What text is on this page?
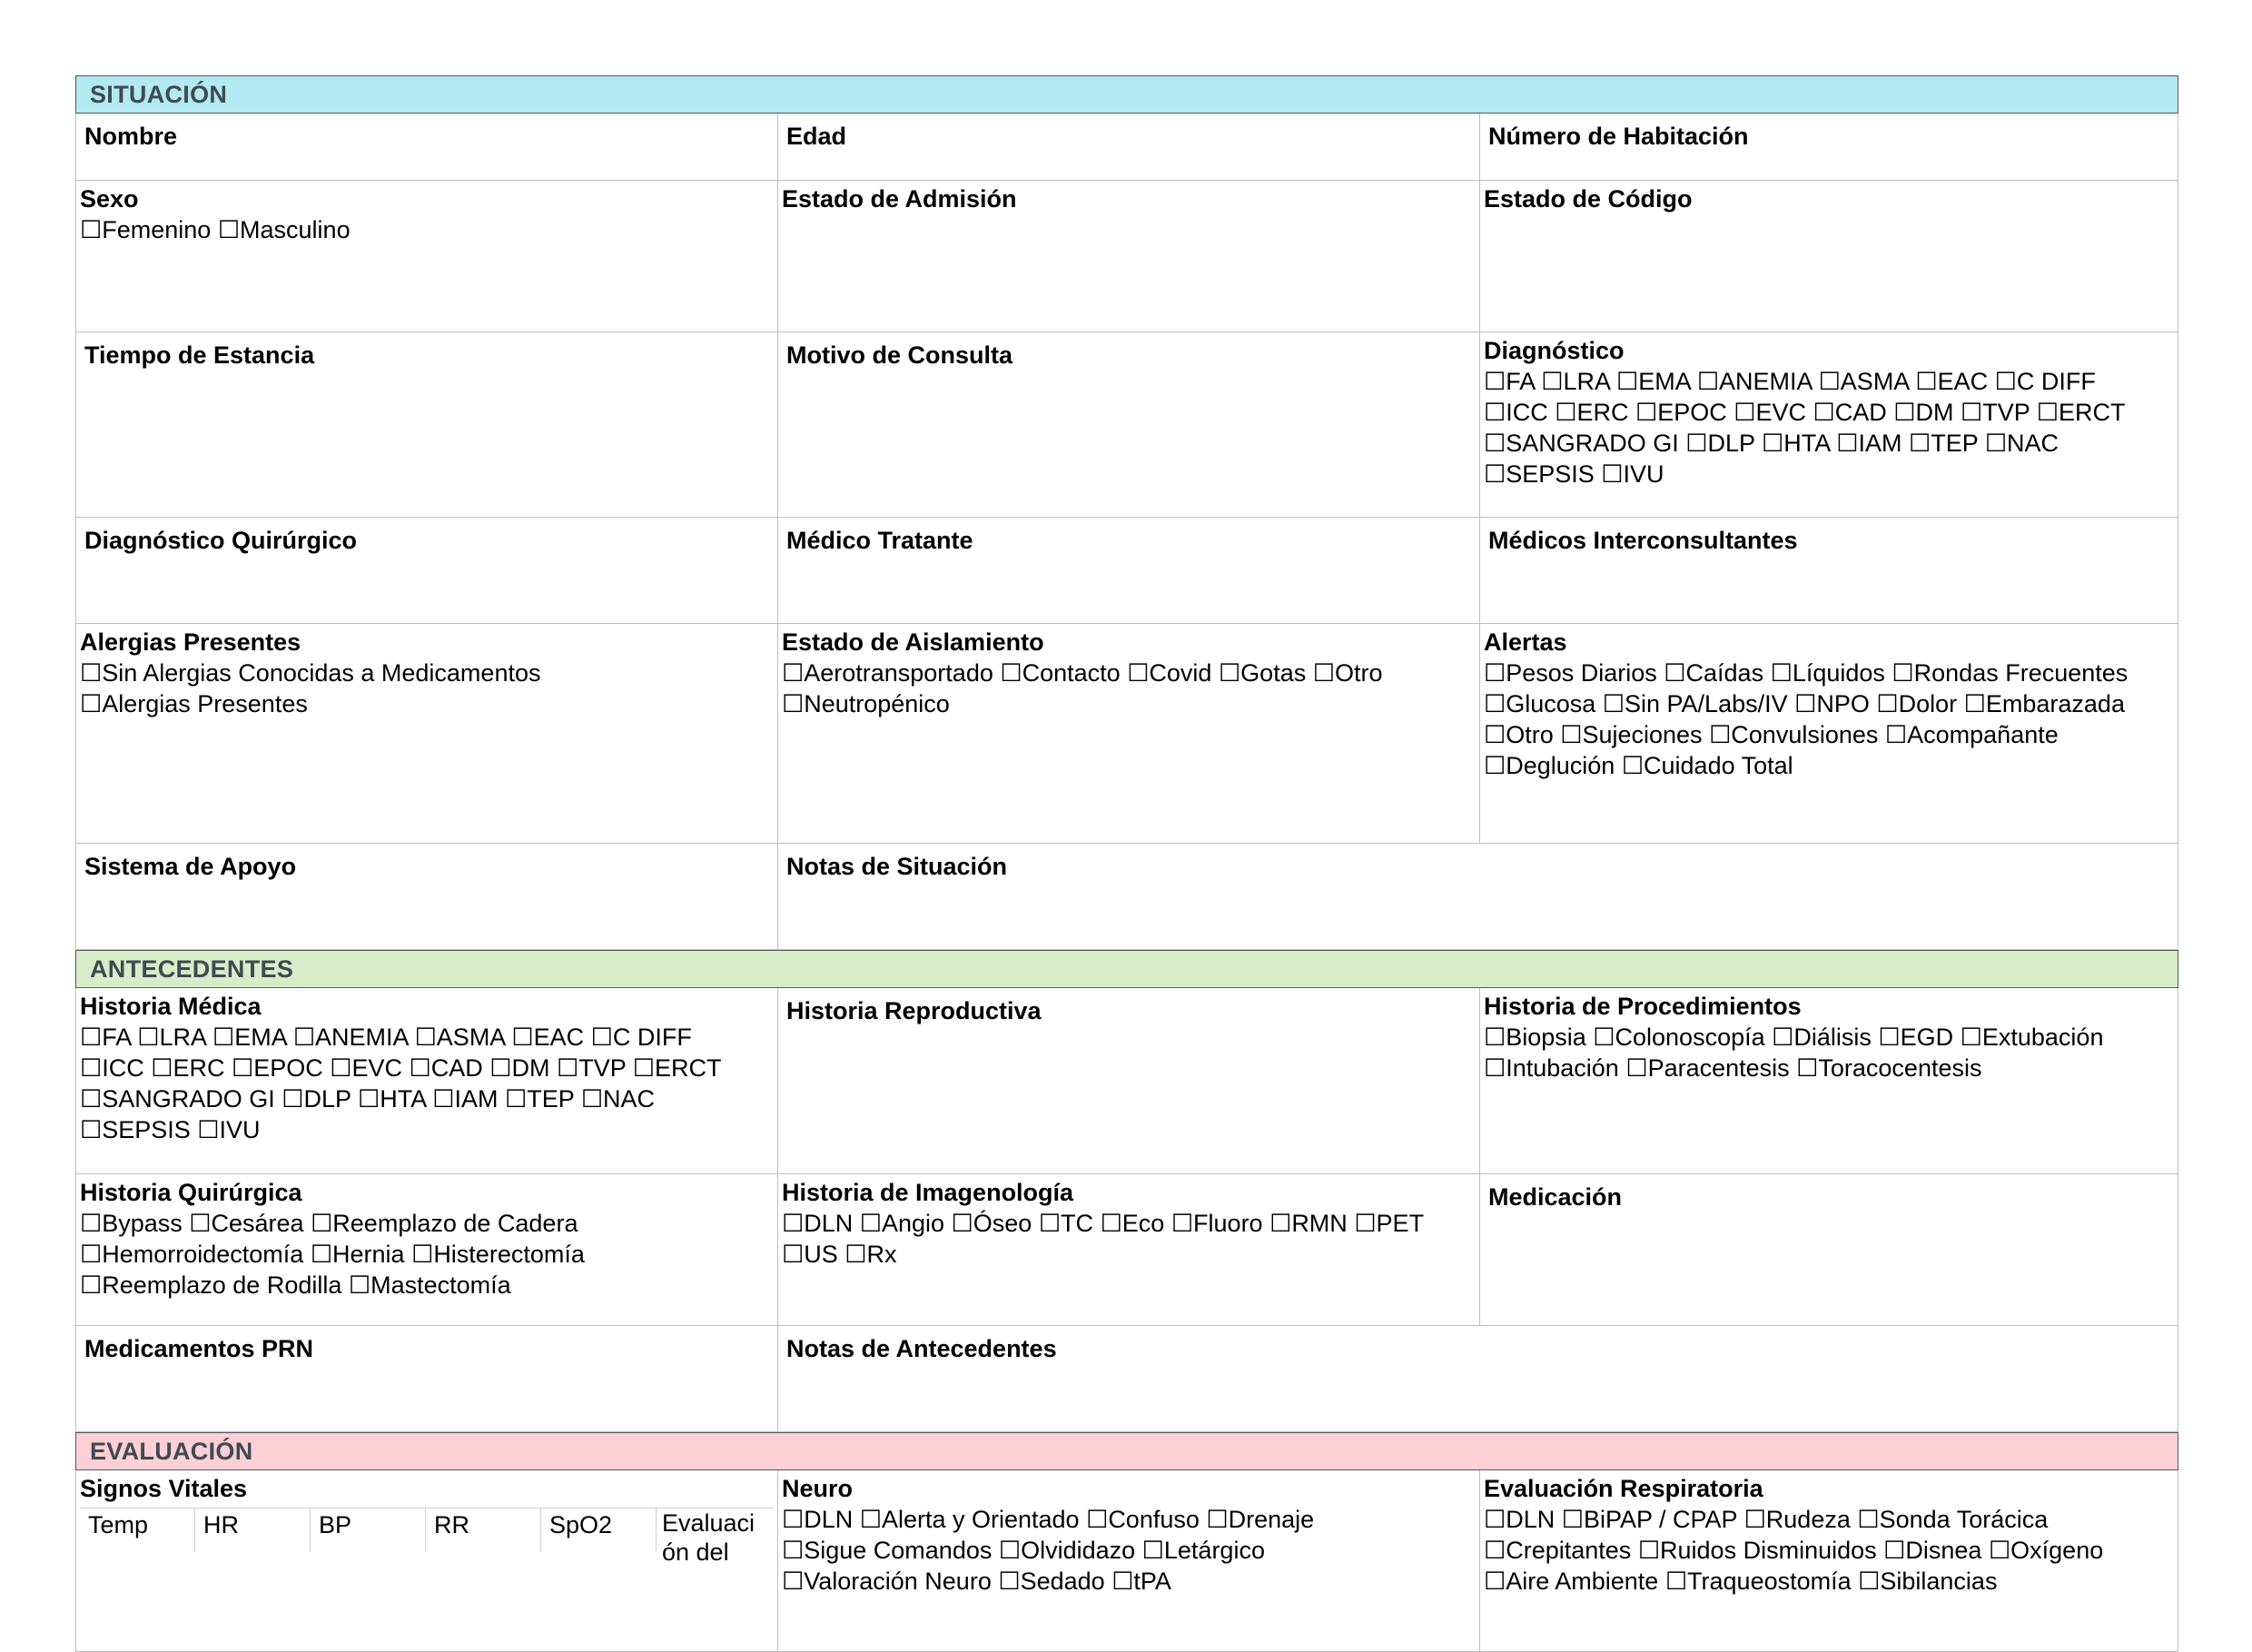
SITUACIÓN
Nombre	Edad	Número de Habitación
Sexo
☐Femenino ☐Masculino
Estado de Admisión	Estado de Código
Tiempo de Estancia	Motivo de Consulta	Diagnóstico
☐FA ☐LRA ☐EMA ☐ANEMIA ☐ASMA ☐EAC ☐C DIFF
☐ICC ☐ERC ☐EPOC ☐EVC ☐CAD ☐DM ☐TVP ☐ERCT
☐SANGRADO GI ☐DLP ☐HTA ☐IAM ☐TEP ☐NAC
☐SEPSIS ☐IVU
Diagnóstico Quirúrgico	Médico Tratante	Médicos Interconsultantes
Alergias Presentes
☐Sin Alergias Conocidas a Medicamentos
☐Alergias Presentes
Estado de Aislamiento
☐Aerotransportado ☐Contacto ☐Covid ☐Gotas ☐Otro
☐Neutropénico
Alertas
☐Pesos Diarios ☐Caídas ☐Líquidos ☐Rondas Frecuentes
☐Glucosa ☐Sin PA/Labs/IV ☐NPO ☐Dolor ☐Embarazada
☐Otro ☐Sujeciones ☐Convulsiones ☐Acompañante
☐Deglución ☐Cuidado Total
Sistema de Apoyo	Notas de Situación
ANTECEDENTES
Historia Médica
☐FA ☐LRA ☐EMA ☐ANEMIA ☐ASMA ☐EAC ☐C DIFF
☐ICC ☐ERC ☐EPOC ☐EVC ☐CAD ☐DM ☐TVP ☐ERCT
☐SANGRADO GI ☐DLP ☐HTA ☐IAM ☐TEP ☐NAC
☐SEPSIS ☐IVU
Historia Reproductiva	Historia de Procedimientos
☐Biopsia ☐Colonoscopía ☐Diálisis ☐EGD ☐Extubación
☐Intubación ☐Paracentesis ☐Toracocentesis
Historia Quirúrgica
☐Bypass ☐Cesárea ☐Reemplazo de Cadera
☐Hemorroidectomía ☐Hernia ☐Histerectomía
☐Reemplazo de Rodilla ☐Mastectomía
Historia de Imagenología
☐DLN ☐Angio ☐Óseo ☐TC ☐Eco ☐Fluoro ☐RMN ☐PET
☐US ☐Rx
Medicación
Medicamentos PRN	Notas de Antecedentes
EVALUACIÓN
Signos Vitales
Temp	HR	BP	RR	SpO2	Evaluación del
Neuro
☐DLN ☐Alerta y Orientado ☐Confuso ☐Drenaje
☐Sigue Comandos ☐Olvididazo ☐Letárgico
☐Valoración Neuro ☐Sedado ☐tPA
Evaluación Respiratoria
☐DLN ☐BiPAP / CPAP ☐Rudeza ☐Sonda Torácica
☐Crepitantes ☐Ruidos Disminuidos ☐Disnea ☐Oxígeno
☐Aire Ambiente ☐Traqueostomía ☐Sibilancias
